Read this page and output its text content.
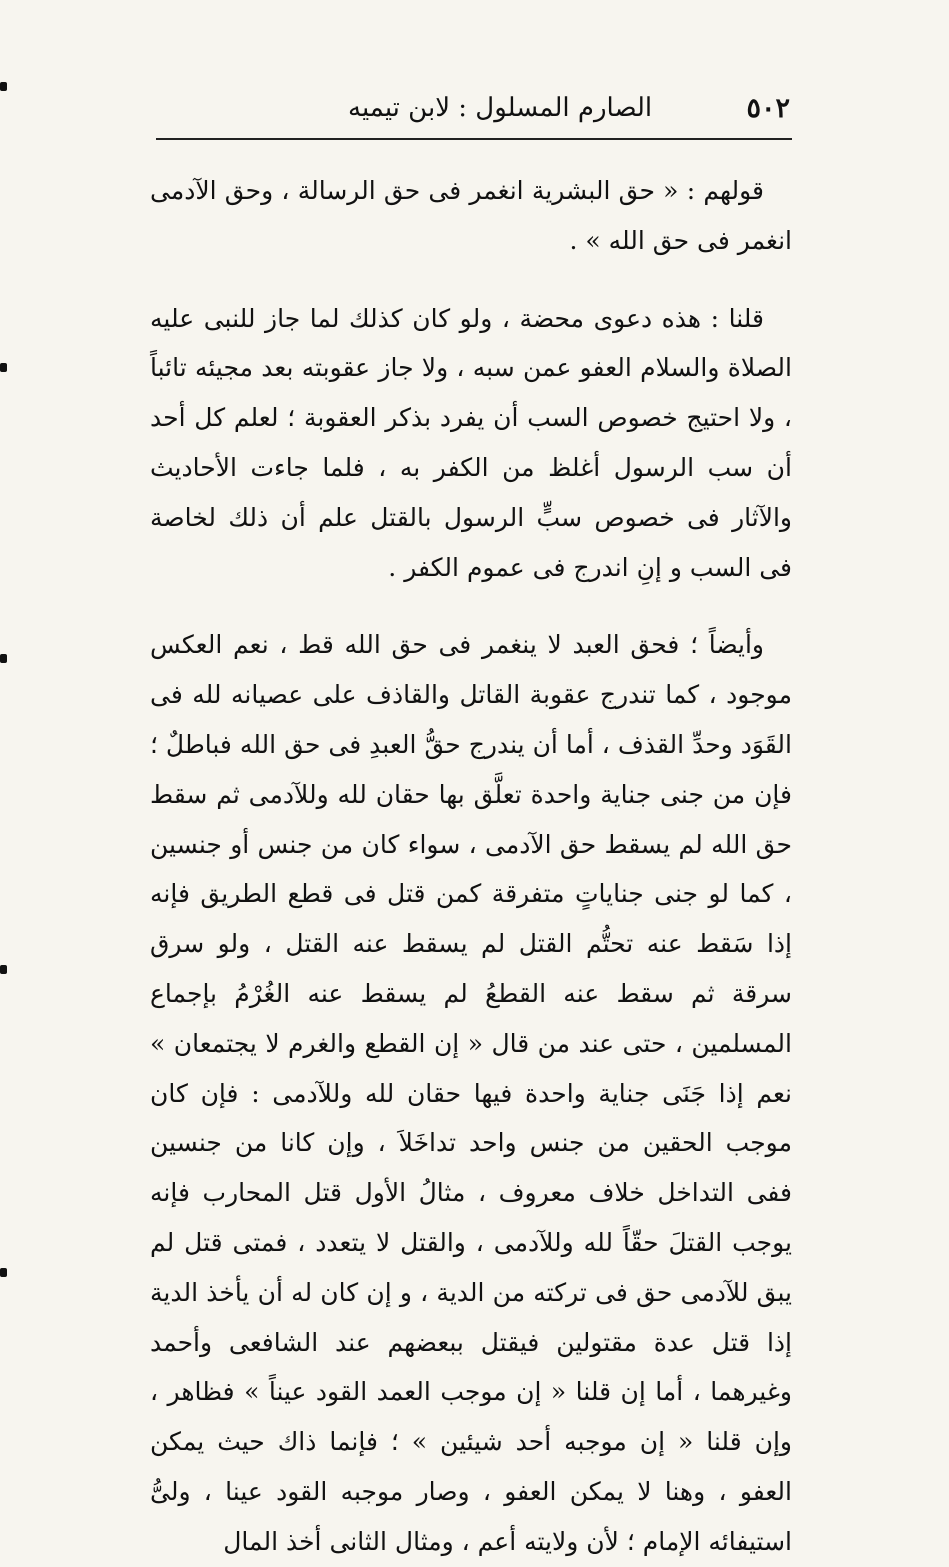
٥٠٢
الصارم المسلول : لابن تيميه

قولهم : « حق البشرية انغمر فى حق الرسالة ، وحق الآدمى انغمر فى حق الله » .

قلنا : هذه دعوى محضة ، ولو كان كذلك لما جاز للنبى عليه الصلاة والسلام العفو عمن سبه ، ولا جاز عقوبته بعد مجيئه تائباً ، ولا احتيج خصوص السب أن يفرد بذكر العقوبة ؛ لعلم كل أحد أن سب الرسول أغلظ من الكفر به ، فلما جاءت الأحاديث والآثار فى خصوص سبٍّ الرسول بالقتل علم أن ذلك لخاصة فى السب و إنِ اندرج فى عموم الكفر .

وأيضاً ؛ فحق العبد لا ينغمر فى حق الله قط ، نعم العكس موجود ، كما تندرج عقوبة القاتل والقاذف على عصيانه لله فى القَوَد وحدِّ القذف ، أما أن يندرج حقُّ العبدِ فى حق الله فباطلٌ ؛ فإن من جنى جناية واحدة تعلَّق بها حقان لله وللآدمى ثم سقط حق الله لم يسقط حق الآدمى ، سواء كان من جنس أو جنسين ، كما لو جنى جناياتٍ متفرقة كمن قتل فى قطع الطريق فإنه إذا سَقط عنه تحتُّم القتل لم يسقط عنه القتل ، ولو سرق سرقة ثم سقط عنه القطعُ لم يسقط عنه الغُرْمُ بإجماع المسلمين ، حتى عند من قال « إن القطع والغرم لا يجتمعان » نعم إذا جَنَى جناية واحدة فيها حقان لله وللآدمى : فإن كان موجب الحقين من جنس واحد تداخَلاَ ، وإن كانا من جنسين ففى التداخل خلاف معروف ، مثالُ الأول قتل المحارب فإنه يوجب القتلَ حقّاً لله وللآدمى ، والقتل لا يتعدد ، فمتى قتل لم يبق للآدمى حق فى تركته من الدية ، و إن كان له أن يأخذ الدية إذا قتل عدة مقتولين فيقتل ببعضهم عند الشافعى وأحمد وغيرهما ، أما إن قلنا « إن موجب العمد القود عيناً » فظاهر ، وإن قلنا « إن موجبه أحد شيئين » ؛ فإنما ذاك حيث يمكن العفو ، وهنا لا يمكن العفو ، وصار موجبه القود عينا ، ولىُّ استيفائه الإمام ؛ لأن ولايته أعم ، ومثال الثانى أخذ المال
